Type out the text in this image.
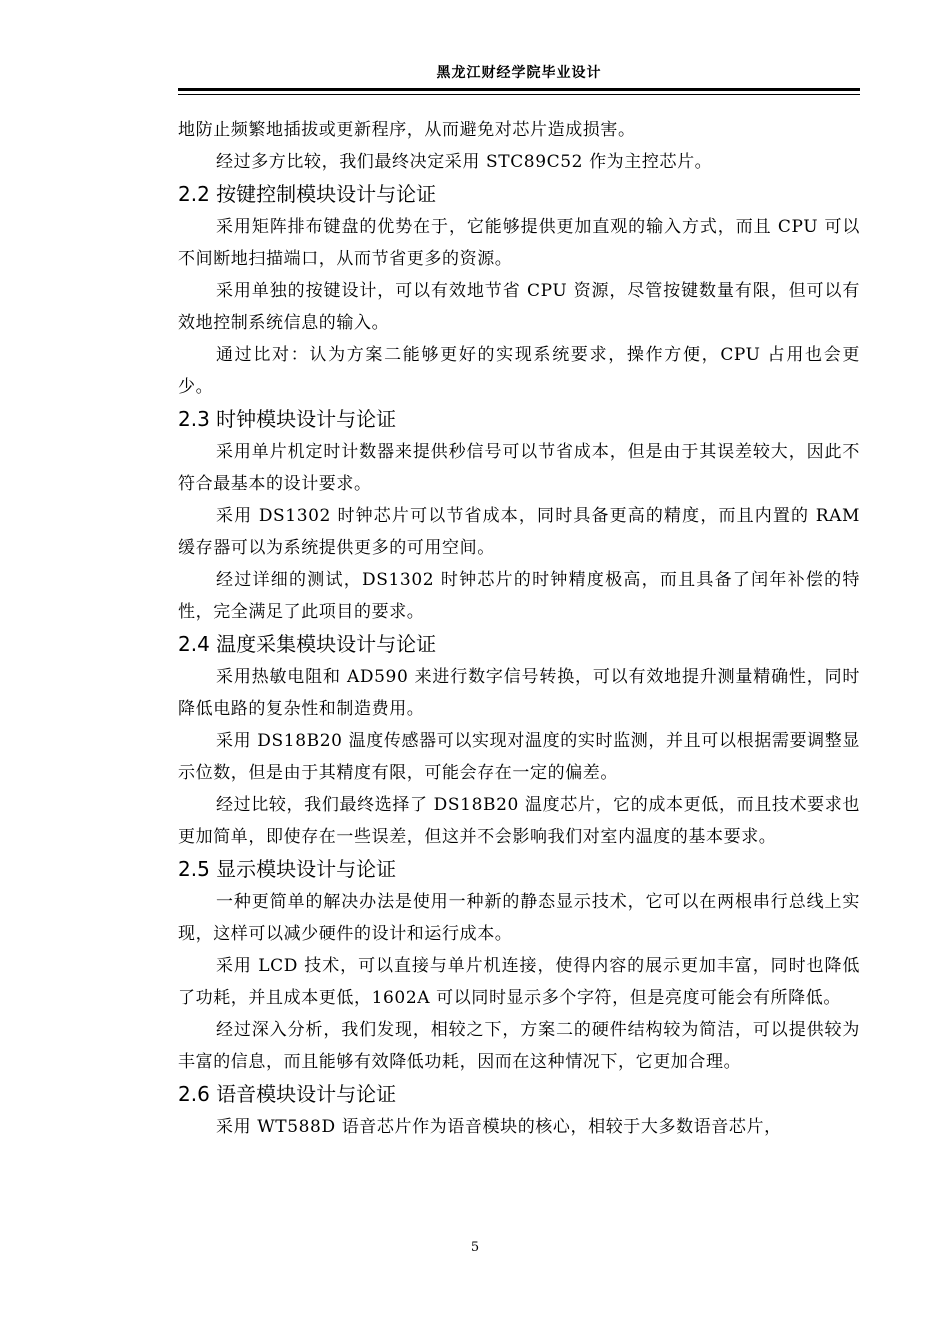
黑龙江财经学院毕业设计

地防止频繁地插拔或更新程序，从而避免对芯片造成损害。

经过多方比较，我们最终决定采用 STC89C52 作为主控芯片。

2.2 按键控制模块设计与论证

采用矩阵排布键盘的优势在于，它能够提供更加直观的输入方式，而且 CPU 可以不间断地扫描端口，从而节省更多的资源。

采用单独的按键设计，可以有效地节省 CPU 资源，尽管按键数量有限，但可以有效地控制系统信息的输入。

通过比对：认为方案二能够更好的实现系统要求，操作方便，CPU 占用也会更少。

2.3 时钟模块设计与论证

采用单片机定时计数器来提供秒信号可以节省成本，但是由于其误差较大，因此不符合最基本的设计要求。

采用 DS1302 时钟芯片可以节省成本，同时具备更高的精度，而且内置的 RAM 缓存器可以为系统提供更多的可用空间。

经过详细的测试，DS1302 时钟芯片的时钟精度极高，而且具备了闰年补偿的特性，完全满足了此项目的要求。

2.4 温度采集模块设计与论证

采用热敏电阻和 AD590 来进行数字信号转换，可以有效地提升测量精确性，同时降低电路的复杂性和制造费用。

采用 DS18B20 温度传感器可以实现对温度的实时监测，并且可以根据需要调整显示位数，但是由于其精度有限，可能会存在一定的偏差。

经过比较，我们最终选择了 DS18B20 温度芯片，它的成本更低，而且技术要求也更加简单，即使存在一些误差，但这并不会影响我们对室内温度的基本要求。

2.5 显示模块设计与论证

一种更简单的解决办法是使用一种新的静态显示技术，它可以在两根串行总线上实现，这样可以减少硬件的设计和运行成本。

采用 LCD 技术，可以直接与单片机连接，使得内容的展示更加丰富，同时也降低了功耗，并且成本更低，1602A 可以同时显示多个字符，但是亮度可能会有所降低。

经过深入分析，我们发现，相较之下，方案二的硬件结构较为简洁，可以提供较为丰富的信息，而且能够有效降低功耗，因而在这种情况下，它更加合理。

2.6 语音模块设计与论证

采用 WT588D 语音芯片作为语音模块的核心，相较于大多数语音芯片，

5
